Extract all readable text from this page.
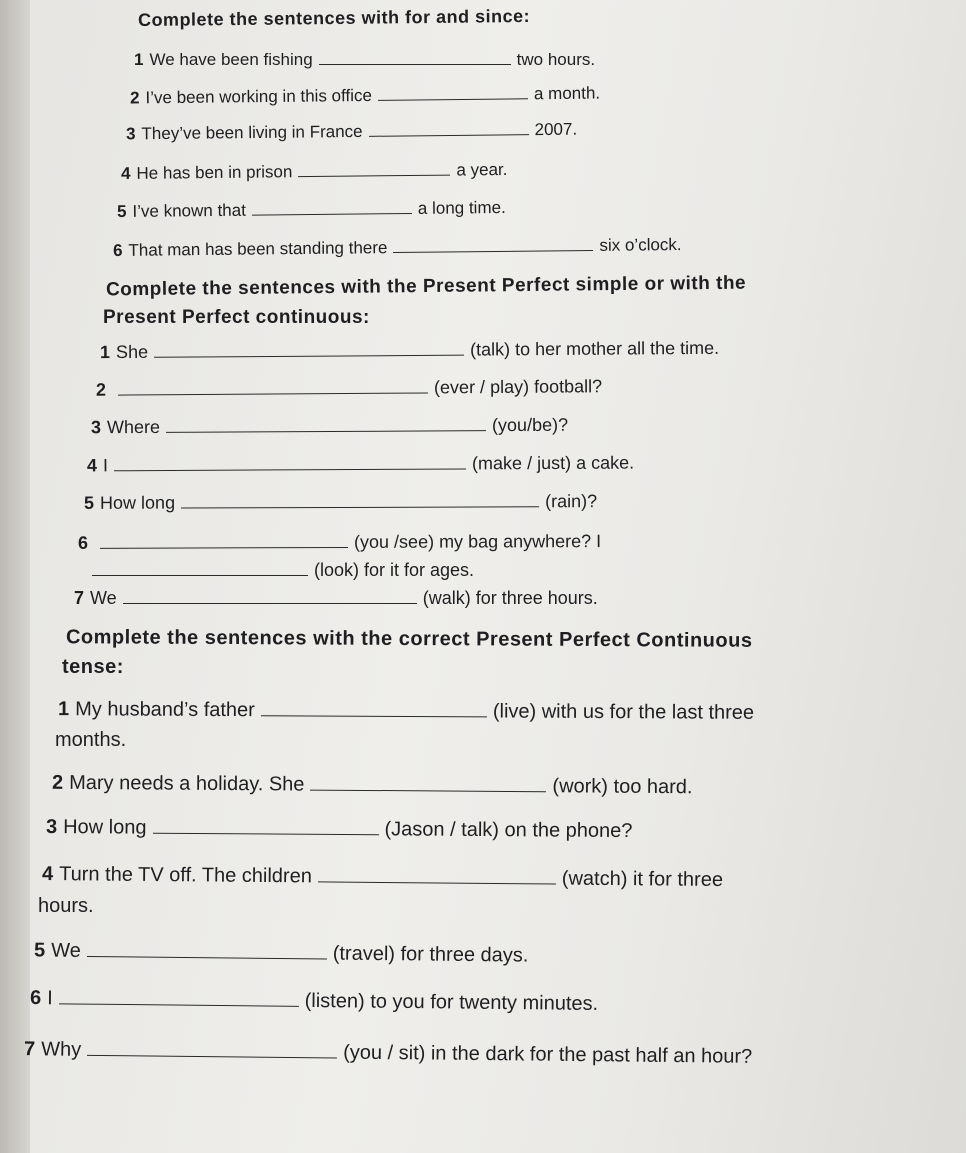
Complete the sentences with for and since:
1 We have been fishing	two hours.
2 I’ve been working in this office	a month.
3 They’ve been living in France	2007.
4 He has ben in prison	a year.
5 I’ve known that	a long time.
6 That man has been standing there	six o’clock.
Complete the sentences with the Present Perfect simple or with the
Present Perfect continuous:
1 She	(talk) to her mother all the time.
2	(ever / play) football?
3 Where	(you/be)?
4 I	(make / just) a cake.
5 How long	(rain)?
6	(you /see) my bag anywhere? I
(look) for it for ages.
7 We	(walk) for three hours.
Complete the sentences with the correct Present Perfect Continuous
tense:
1 My husband’s father	(live) with us for the last three
months.
2 Mary needs a holiday. She	(work) too hard.
3 How long	(Jason / talk) on the phone?
4 Turn the TV off. The children	(watch) it for three
hours.
5 We	(travel) for three days.
6 I	(listen) to you for twenty minutes.
7 Why	(you / sit) in the dark for the past half an hour?
